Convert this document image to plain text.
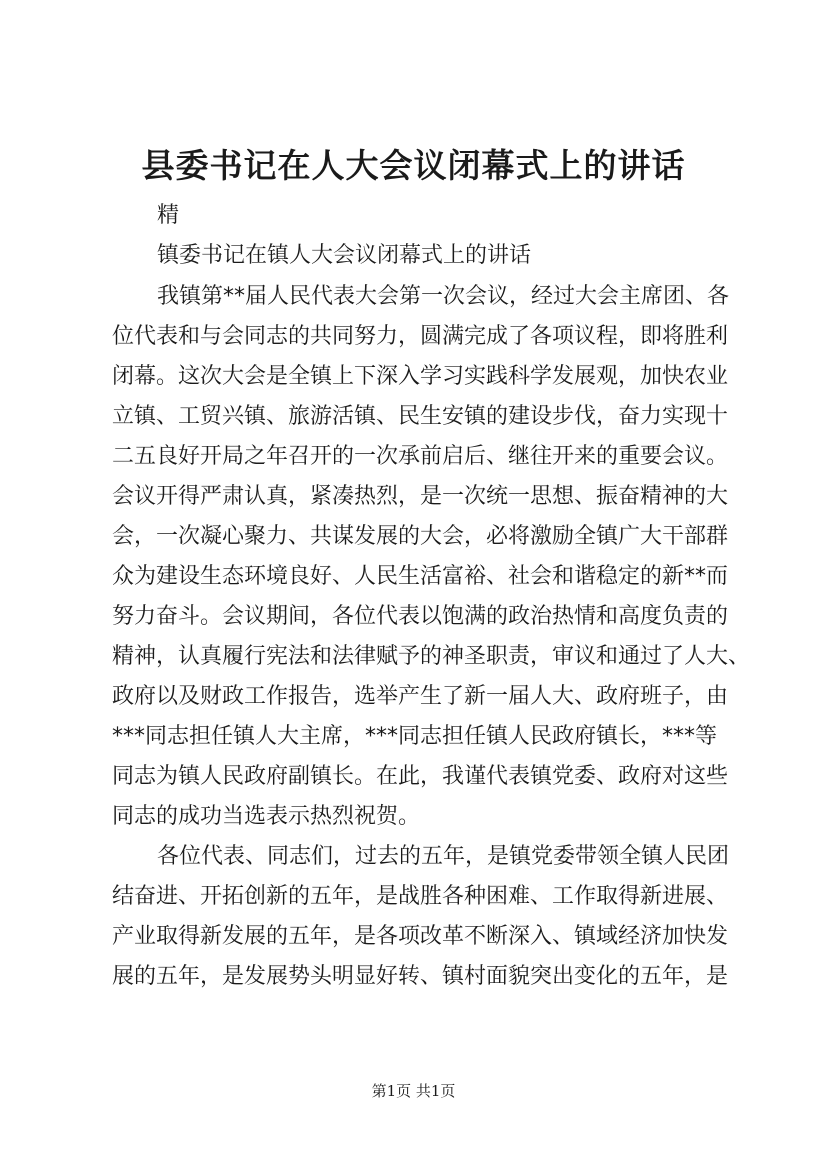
县委书记在人大会议闭幕式上的讲话
精
镇委书记在镇人大会议闭幕式上的讲话
我镇第**届人民代表大会第一次会议，经过大会主席团、各
位代表和与会同志的共同努力，圆满完成了各项议程，即将胜利
闭幕。这次大会是全镇上下深入学习实践科学发展观，加快农业
立镇、工贸兴镇、旅游活镇、民生安镇的建设步伐，奋力实现十
二五良好开局之年召开的一次承前启后、继往开来的重要会议。
会议开得严肃认真，紧凑热烈，是一次统一思想、振奋精神的大
会，一次凝心聚力、共谋发展的大会，必将激励全镇广大干部群
众为建设生态环境良好、人民生活富裕、社会和谐稳定的新**而
努力奋斗。会议期间，各位代表以饱满的政治热情和高度负责的
精神，认真履行宪法和法律赋予的神圣职责，审议和通过了人大、
政府以及财政工作报告，选举产生了新一届人大、政府班子，由
***同志担任镇人大主席，***同志担任镇人民政府镇长，***等
同志为镇人民政府副镇长。在此，我谨代表镇党委、政府对这些
同志的成功当选表示热烈祝贺。
各位代表、同志们，过去的五年，是镇党委带领全镇人民团
结奋进、开拓创新的五年，是战胜各种困难、工作取得新进展、
产业取得新发展的五年，是各项改革不断深入、镇域经济加快发
展的五年，是发展势头明显好转、镇村面貌突出变化的五年，是
第1页 共1页
